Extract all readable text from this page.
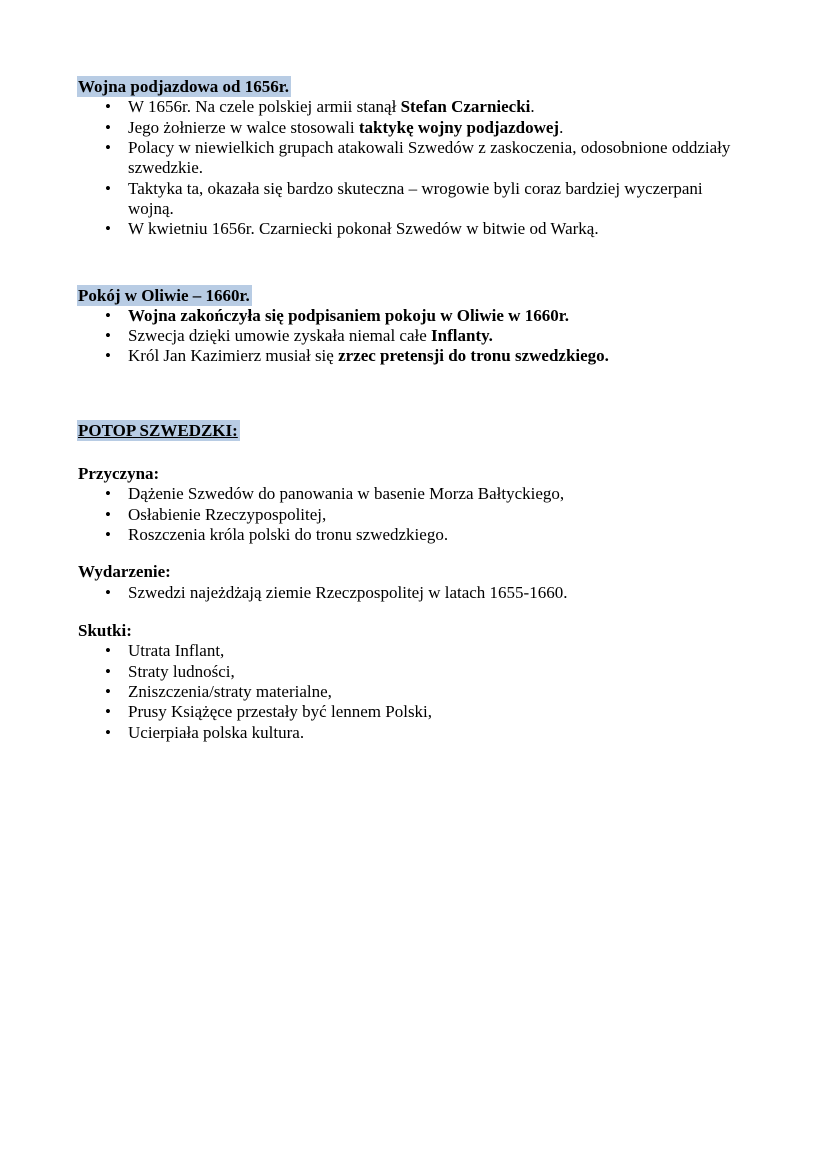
Wojna podjazdowa od 1656r.
• W 1656r. Na czele polskiej armii stanął Stefan Czarniecki.
• Jego żołnierze w walce stosowali taktykę wojny podjazdowej.
• Polacy w niewielkich grupach atakowali Szwedów z zaskoczenia, odosobnione oddziały szwedzkie.
• Taktyka ta, okazała się bardzo skuteczna – wrogowie byli coraz bardziej wyczerpani wojną.
• W kwietniu 1656r. Czarniecki pokonał Szwedów w bitwie od Warką.
Pokój w Oliwie – 1660r.
• Wojna zakończyła się podpisaniem pokoju w Oliwie w 1660r.
• Szwecja dzięki umowie zyskała niemal całe Inflanty.
• Król Jan Kazimierz musiał się zrzec pretensji do tronu szwedzkiego.
POTOP SZWEDZKI:
Przyczyna:
• Dążenie Szwedów do panowania w basenie Morza Bałtyckiego,
• Osłabienie Rzeczypospolitej,
• Roszczenia króla polski do tronu szwedzkiego.
Wydarzenie:
• Szwedzi najeżdżają ziemie Rzeczpospolitej w latach 1655-1660.
Skutki:
• Utrata Inflant,
• Straty ludności,
• Zniszczenia/straty materialne,
• Prusy Książęce przestały być lennem Polski,
• Ucierpiała polska kultura.
